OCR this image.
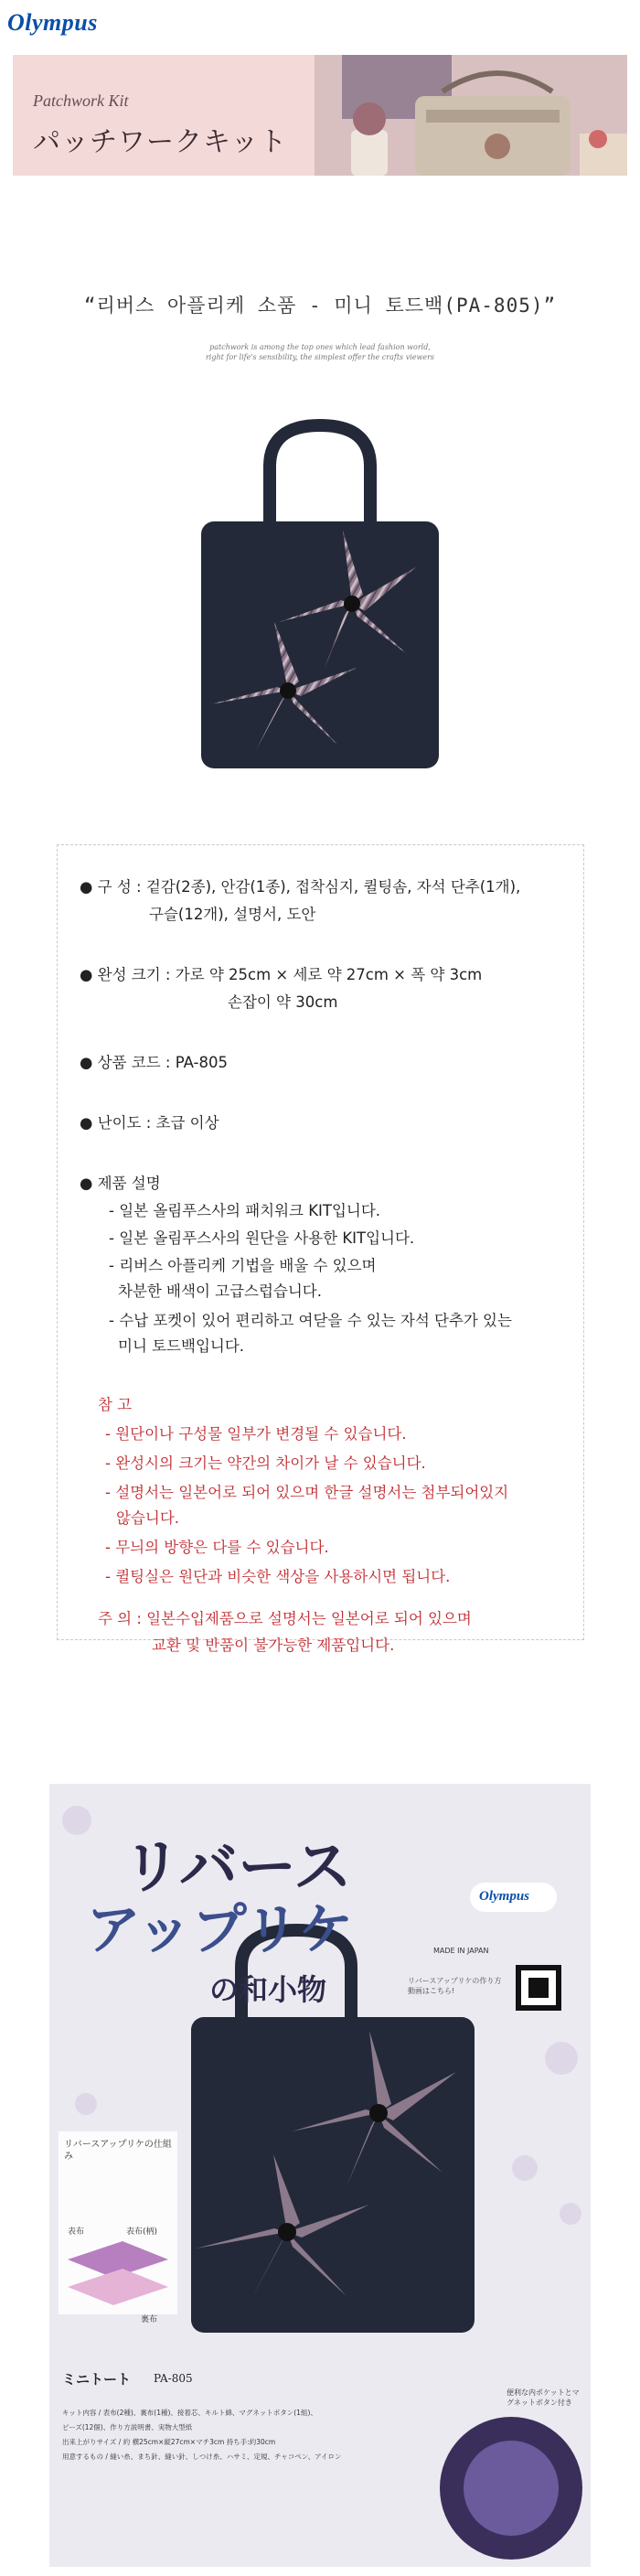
Olympus
Patchwork Kit
パッチワークキット
“리버스 아플리케 소품 - 미니 토드백(PA-805)”
patchwork is among the top ones which lead fashion world,
right for life's sensibility, the simplest offer the crafts viewers
● 구 성 : 겉감(2종), 안감(1종), 접착심지, 퀼팅솜, 자석 단추(1개),
구슬(12개), 설명서, 도안
● 완성 크기 : 가로 약 25cm × 세로 약 27cm × 폭 약 3cm
손잡이 약 30cm
● 상품 코드 : PA-805
● 난이도 : 초급 이상
● 제품 설명
- 일본 올림푸스사의 패치워크 KIT입니다.
- 일본 올림푸스사의 원단을 사용한 KIT입니다.
- 리버스 아플리케 기법을 배울 수 있으며
차분한 배색이 고급스럽습니다.
- 수납 포켓이 있어 편리하고 여닫을 수 있는 자석 단추가 있는
미니 토드백입니다.
참 고
- 원단이나 구성물 일부가 변경될 수 있습니다.
- 완성시의 크기는 약간의 차이가 날 수 있습니다.
- 설명서는 일본어로 되어 있으며 한글 설명서는 첨부되어있지
않습니다.
- 무늬의 방향은 다를 수 있습니다.
- 퀼팅실은 원단과 비슷한 색상을 사용하시면 됩니다.
주 의 : 일본수입제품으로 설명서는 일본어로 되어 있으며
リバース
アップリケ
の和小物
Olympus
MADE IN JAPAN
リバースアップリケの作り方動画はこちら!
リバースアップリケの仕組み
表布	表布(柄)
裏布
ミニトート PA-805
便利な内ポケットとマグネットボタン付き
キット内容 / 表布(2種)、裏布(1種)、接着芯、キルト綿、マグネットボタン(1組)、
ビーズ(12個)、作り方説明書、実物大型紙
出来上がりサイズ / 約 横25cm×縦27cm×マチ3cm 持ち手:約30cm
用意するもの / 縫い糸、まち針、縫い針、しつけ糸、ハサミ、定規、チャコペン、アイロン
교환 및 반품이 불가능한 제품입니다.
